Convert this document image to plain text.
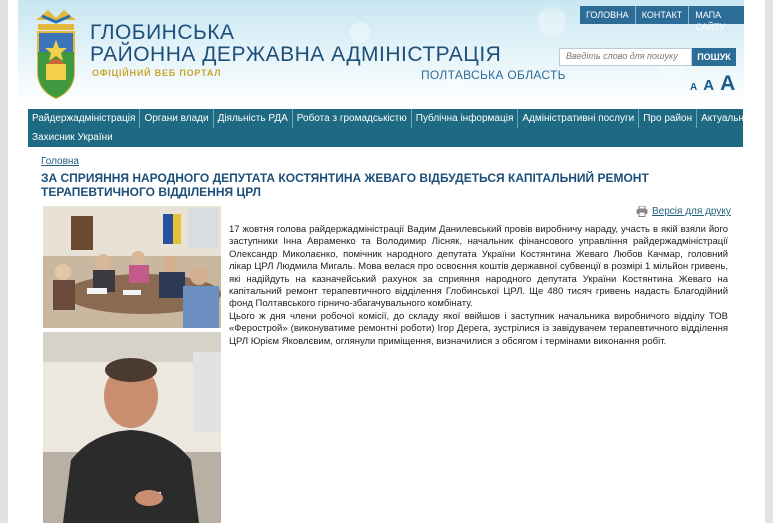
ГЛОБИНСЬКА
РАЙОННА ДЕРЖАВНА АДМІНІСТРАЦІЯ
ОФІЦІЙНИЙ ВЕБ ПОРТАЛ	ПОЛТАВСЬКА ОБЛАСТЬ
ГОЛОВНА	КОНТАКТ	МАПА САЙТУ
Введіть слово для пошуку	ПОШУК
A A A
Райдержадміністрація Органи влади Діяльність РДА Робота з громадськістю Публічна інформація Адміністративні послуги Про район Актуально
Захисник України
Головна
ЗА СПРИЯННЯ НАРОДНОГО ДЕПУТАТА КОСТЯНТИНА ЖЕВАГО ВІДБУДЕТЬСЯ КАПІТАЛЬНИЙ РЕМОНТ ТЕРАПЕВТИЧНОГО ВІДДІЛЕННЯ ЦРЛ
Версія для друку

17 жовтня голова райдержадміністрації Вадим Данилевський провів виробничу нараду, участь в якій взяли його заступники Інна Авраменко та Володимир Лісняк, начальник фінансового управління райдержадміністрації Олександр Миколаєнко, помічник народного депутата України Костянтина Жеваго Любов Качмар, головний лікар ЦРЛ Людмила Мигаль. Мова велася про освоєння коштів державної субвенції в розмірі 1 мільйон гривень, які надійдуть на казначейський рахунок за сприяння народного депутата України Костянтина Жеваго на капітальний ремонт терапевтичного відділення Глобинської ЦРЛ. Ще 480 тисяч гривень надасть Благодійний фонд Полтавського гірничо-збагачувального комбінату.

Цього ж дня члени робочої комісії, до складу якої ввійшов і заступник начальника виробничого відділу ТОВ «Ферострой» (виконуватиме ремонтні роботи) Ігор Дерега, зустрілися із завідувачем терапевтичного відділення ЦРЛ Юрієм Яковлєвим, оглянули приміщення, визначилися з обсягом і термінами виконання робіт.
